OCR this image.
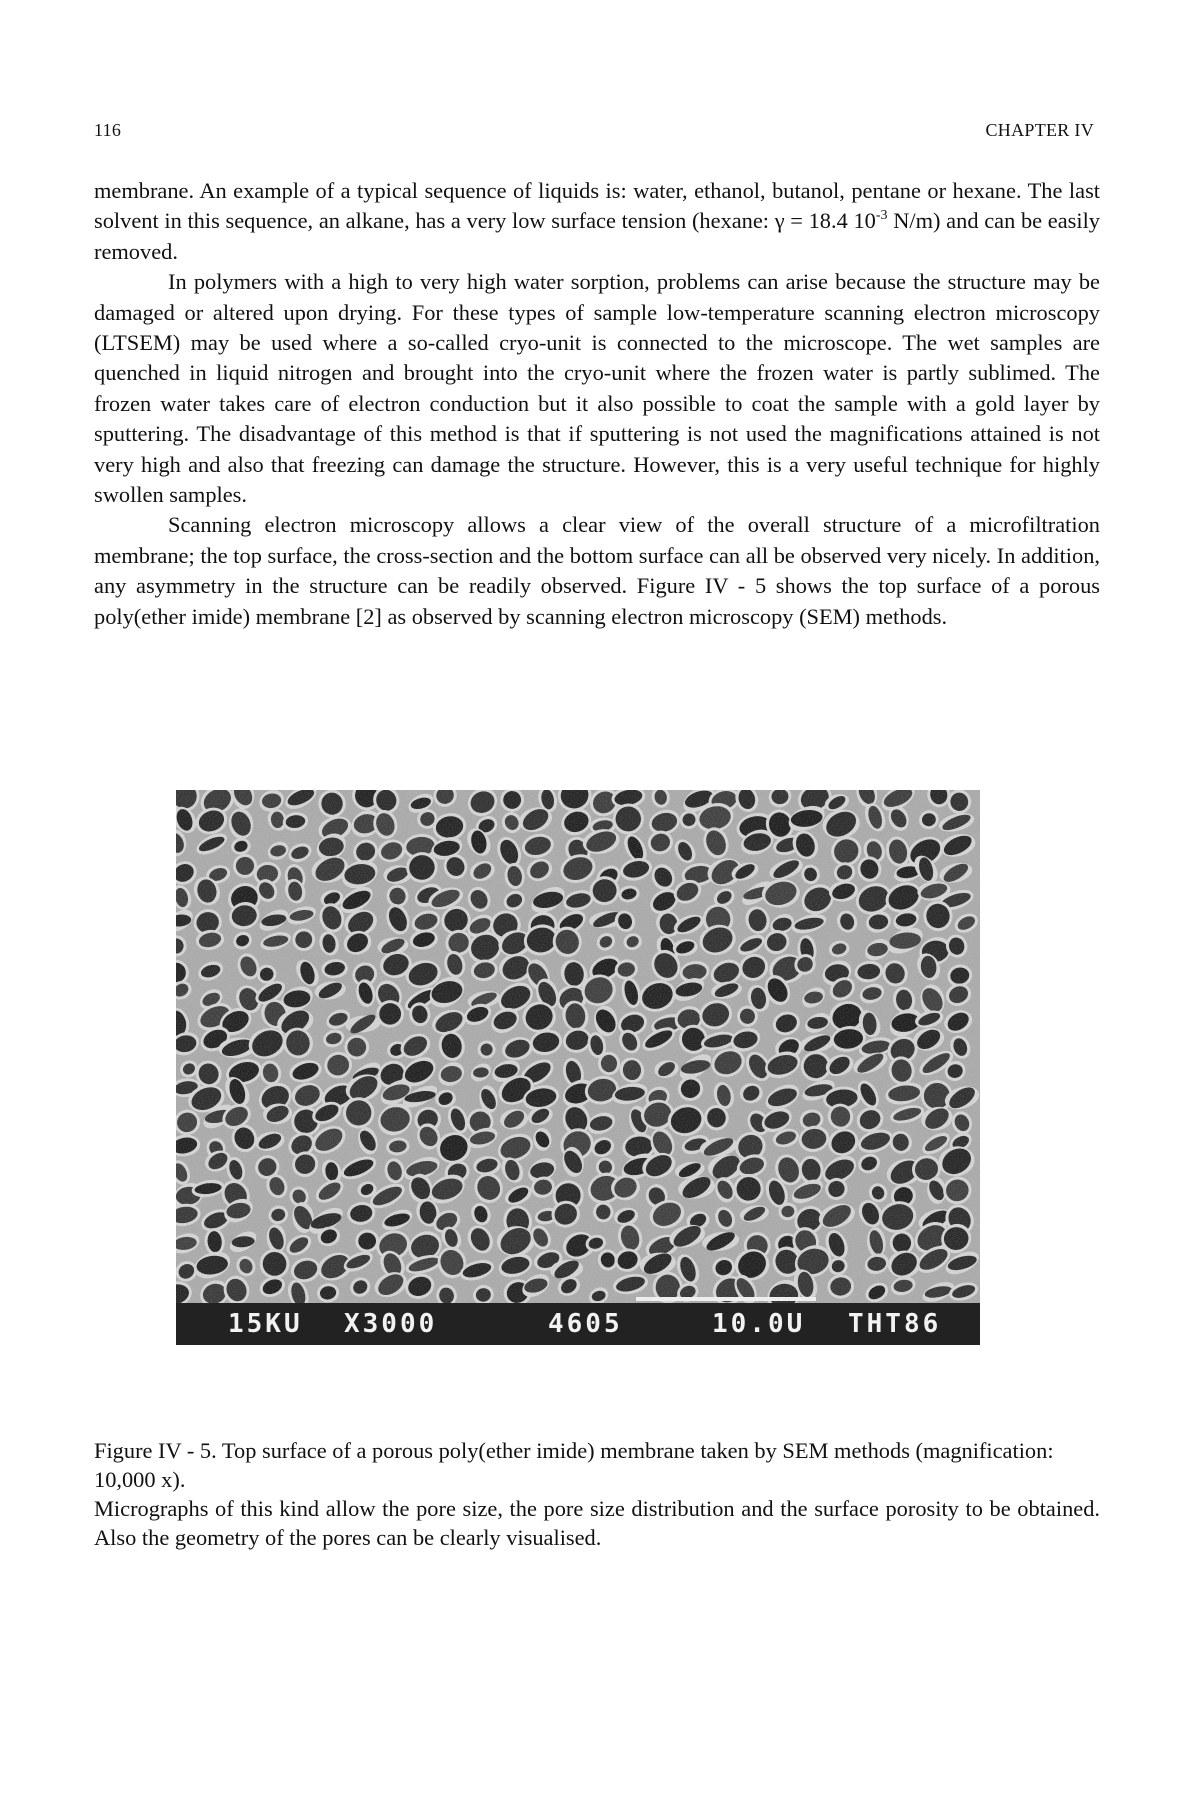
116	CHAPTER IV

membrane. An example of a typical sequence of liquids is: water, ethanol, butanol, pentane or hexane. The last solvent in this sequence, an alkane, has a very low surface tension (hexane: γ = 18.4 $10^{-3}$ N/m) and can be easily removed.

In polymers with a high to very high water sorption, problems can arise because the structure may be damaged or altered upon drying. For these types of sample low-temperature scanning electron microscopy (LTSEM) may be used where a so-called cryo-unit is connected to the microscope. The wet samples are quenched in liquid nitrogen and brought into the cryo-unit where the frozen water is partly sublimed. The frozen water takes care of electron conduction but it also possible to coat the sample with a gold layer by sputtering. The disadvantage of this method is that if sputtering is not used the magnifications attained is not very high and also that freezing can damage the structure. However, this is a very useful technique for highly swollen samples.

Scanning electron microscopy allows a clear view of the overall structure of a microfiltration membrane; the top surface, the cross-section and the bottom surface can all be observed very nicely. In addition, any asymmetry in the structure can be readily observed. Figure IV - 5 shows the top surface of a porous poly(ether imide) membrane [2] as observed by scanning electron microscopy (SEM) methods.

15KU X3000	4605	10.0U THT86

Figure IV - 5. Top surface of a porous poly(ether imide) membrane taken by SEM methods (magnification: 10,000 x).

Micrographs of this kind allow the pore size, the pore size distribution and the surface porosity to be obtained. Also the geometry of the pores can be clearly visualised.
